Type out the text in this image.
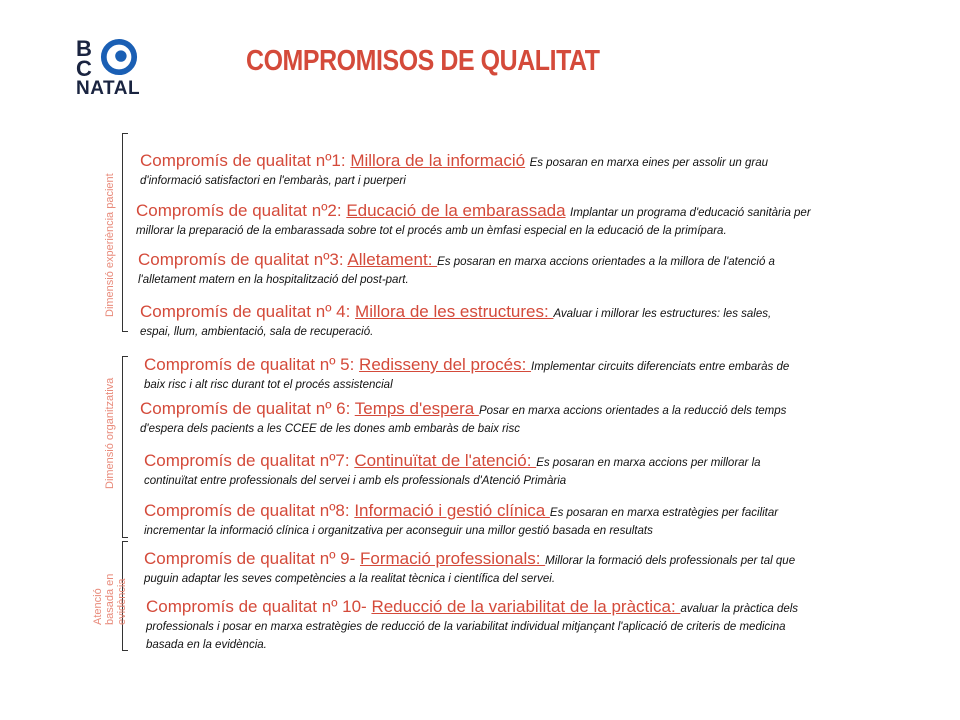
B
C
NATAL
COMPROMISOS DE QUALITAT
Dimensió experiència pacient
Dimensió organitzativa
Atenció basada en evidència
Compromís de qualitat nº1: Millora de la informació Es posaran en marxa eines per assolir un grau
d'informació satisfactori en l'embaràs, part i puerperi
Compromís de qualitat nº2: Educació de la embarassada Implantar un programa d'educació sanitària per
millorar la preparació de la embarassada sobre tot el procés amb un èmfasi especial en la educació de la primípara.
Compromís de qualitat nº3: Alletament: Es posaran en marxa accions orientades a la millora de l'atenció a
l'alletament matern en la hospitalització del post-part.
Compromís de qualitat nº 4: Millora de les estructures: Avaluar i millorar les estructures: les sales,
espai, llum, ambientació, sala de recuperació.
Compromís de qualitat nº 5: Redisseny del procés: Implementar circuits diferenciats entre embaràs de
baix risc i alt risc durant tot el procés assistencial
Compromís de qualitat nº 6: Temps d'espera Posar en marxa accions orientades a la reducció dels temps
d'espera dels pacients a les CCEE de les dones amb embaràs de baix risc
Compromís de qualitat nº7: Continuïtat de l'atenció: Es posaran en marxa accions per millorar la
continuïtat entre professionals del servei i amb els professionals d'Atenció Primària
Compromís de qualitat nº8: Informació i gestió clínica Es posaran en marxa estratègies per facilitar
incrementar la informació clínica i organitzativa per aconseguir una millor gestió basada en resultats
Compromís de qualitat nº 9- Formació professionals: Millorar la formació dels professionals per tal que
puguin adaptar les seves competències a la realitat tècnica i científica del servei.
Compromís de qualitat nº 10- Reducció de la variabilitat de la pràctica: avaluar la pràctica dels
professionals i posar en marxa estratègies de reducció de la variabilitat individual mitjançant l'aplicació de criteris de medicina
basada en la evidència.
